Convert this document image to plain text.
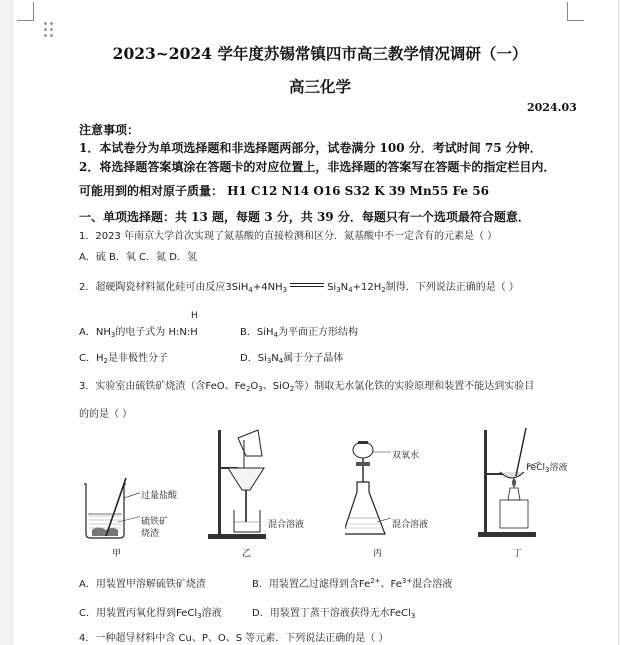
2023~2024 学年度苏锡常镇四市高三教学情况调研（一）
高三化学
2024.03
注意事项：
1．本试卷分为单项选择题和非选择题两部分，试卷满分 100 分．考试时间 75 分钟．
2．将选择题答案填涂在答题卡的对应位置上，非选择题的答案写在答题卡的指定栏目内．
可能用到的相对原子质量： H1 C12 N14 O16 S32 K 39 Mn55 Fe 56
一、单项选择题：共 13 题，每题 3 分，共 39 分．每题只有一个选项最符合题意．
1．2023 年南京大学首次实现了氮基酸的直接检测和区分．氮基酸中不一定含有的元素是（ ）
A．硫 B．氧 C．氮 D．氢
2．超硬陶瓷材料氮化硅可由反应$3SiH_4+4NH_3$	$Si_3N_4+12H_2$制得．下列说法正确的是（ ）
H
A．$NH_3$的电子式为 H:N:H	B．SiH$_4$为平面正方形结构
C．$H_2$是非极性分子	D．$Si_3N_4$属于分子晶体
3．实验室由硫铁矿烧渣（含FeO、$Fe_2O_3$、SiO$_2$等）制取无水氯化铁的实验原理和装置不能达到实验目
的的是（ ）
过量盐酸
硫铁矿
烧渣
甲
混合溶液
乙
双氧水
混合溶液
丙
FeCl$_3$溶液
丁
A．用装置甲溶解硫铁矿烧渣	B．用装置乙过滤得到含$Fe^{2+}$、$Fe^{3+}$混合溶液
C．用装置丙氧化得到FeCl$_3$溶液	D．用装置丁蒸干溶液获得无水FeCl$_3$
4．一种超导材料中含 Cu、P、O、S 等元素．下列说法正确的是（ ）
